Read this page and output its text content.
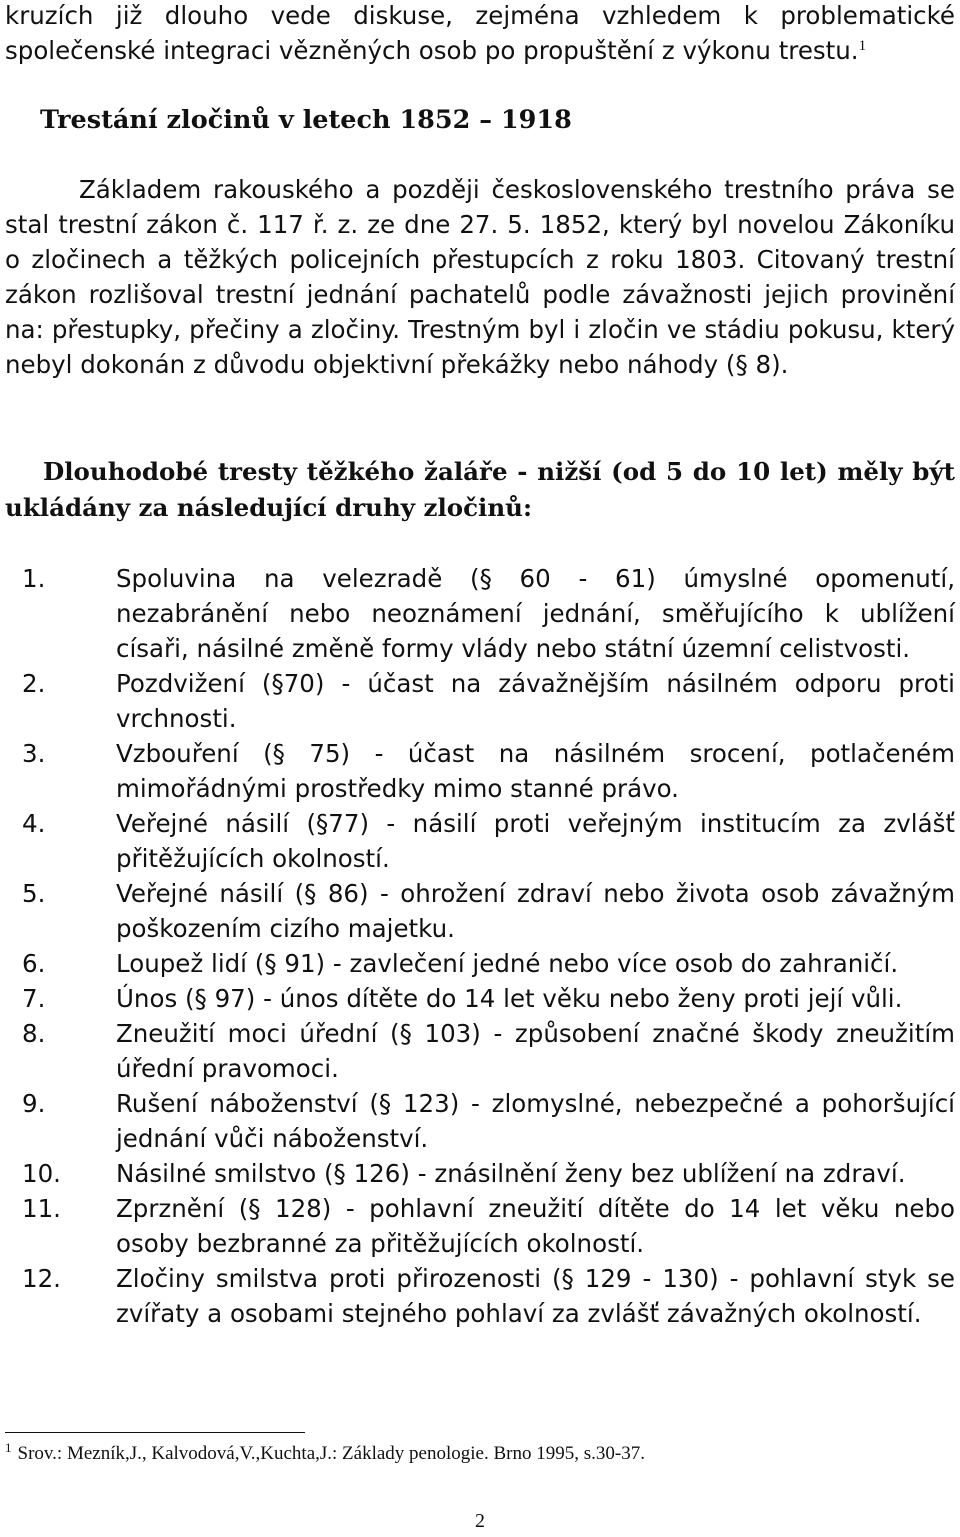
kruzích již dlouho vede diskuse, zejména vzhledem k problematické společenské integraci vězněných osob po propuštění z výkonu trestu.$^1$

Trestání zločinů v letech 1852 – 1918

Základem rakouského a později československého trestního práva se stal trestní zákon č. 117 ř. z. ze dne 27. 5. 1852, který byl novelou Zákoníku o zločinech a těžkých policejních přestupcích z roku 1803. Citovaný trestní zákon rozlišoval trestní jednání pachatelů podle závažnosti jejich provinění na: přestupky, přečiny a zločiny. Trestným byl i zločin ve stádiu pokusu, který nebyl dokonán z důvodu objektivní překážky nebo náhody (§ 8).

Dlouhodobé tresty těžkého žaláře - nižší (od 5 do 10 let) měly být ukládány za následující druhy zločinů:

1.	Spoluvina na velezradě (§ 60 - 61) úmyslné opomenutí, nezabránění nebo neoznámení jednání, směřujícího k ublížení císaři, násilné změně formy vlády nebo státní územní celistvosti.
2.	Pozdvižení (§70) - účast na závažnějším násilném odporu proti vrchnosti.
3.	Vzbouření (§ 75) - účast na násilném srocení, potlačeném mimořádnými prostředky mimo stanné právo.
4.	Veřejné násilí (§77) - násilí proti veřejným institucím za zvlášť přitěžujících okolností.
5.	Veřejné násilí (§ 86) - ohrožení zdraví nebo života osob závažným poškozením cizího majetku.
6.	Loupež lidí (§ 91) - zavlečení jedné nebo více osob do zahraničí.
7.	Únos (§ 97) - únos dítěte do 14 let věku nebo ženy proti její vůli.
8.	Zneužití moci úřední (§ 103) - způsobení značné škody zneužitím úřední pravomoci.
9.	Rušení náboženství (§ 123) - zlomyslné, nebezpečné a pohoršující jednání vůči náboženství.
10. Násilné smilstvo (§ 126) - znásilnění ženy bez ublížení na zdraví.
11. Zprznění (§ 128) - pohlavní zneužití dítěte do 14 let věku nebo osoby bezbranné za přitěžujících okolností.
12. Zločiny smilstva proti přirozenosti (§ 129 - 130) - pohlavní styk se zvířaty a osobami stejného pohlaví za zvlášť závažných okolností.

$^1$ Srov.: Mezník,J., Kalvodová,V.,Kuchta,J.: Základy penologie. Brno 1995, s.30-37.

2
